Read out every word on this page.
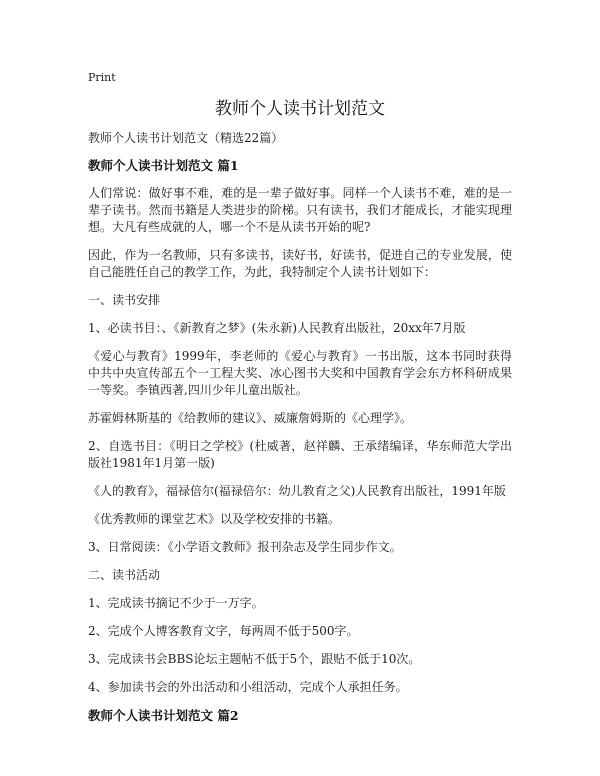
Print
教师个人读书计划范文
教师个人读书计划范文（精选22篇）
教师个人读书计划范文 篇1

人们常说：做好事不难，难的是一辈子做好事。同样一个人读书不难，难的是一辈子读书。然而书籍是人类进步的阶梯。只有读书，我们才能成长，才能实现理想。大凡有些成就的人，哪一个不是从读书开始的呢?

因此，作为一名教师，只有多读书，读好书，好读书，促进自己的专业发展，使自己能胜任自己的教学工作，为此，我特制定个人读书计划如下：

一、读书安排

1、必读书目：、《新教育之梦》(朱永新)人民教育出版社，20xx年7月版

《爱心与教育》1999年，李老师的《爱心与教育》一书出版，这本书同时获得中共中央宣传部五个一工程大奖、冰心图书大奖和中国教育学会东方杯科研成果一等奖。李镇西著,四川少年儿童出版社。

苏霍姆林斯基的《给教师的建议》、威廉詹姆斯的《心理学》。

2、自选书目：《明日之学校》(杜威著，赵祥麟、王承绪编译，华东师范大学出版社1981年1月第一版)

《人的教育》，福禄倍尔(福禄倍尔：幼儿教育之父)人民教育出版社，1991年版

《优秀教师的课堂艺术》以及学校安排的书籍。

3、日常阅读：《小学语文教师》报刊杂志及学生同步作文。

二、读书活动

1、完成读书摘记不少于一万字。

2、完成个人博客教育文字，每两周不低于500字。

3、完成读书会BBS论坛主题帖不低于5个，跟贴不低于10次。

4、参加读书会的外出活动和小组活动，完成个人承担任务。

教师个人读书计划范文 篇2
